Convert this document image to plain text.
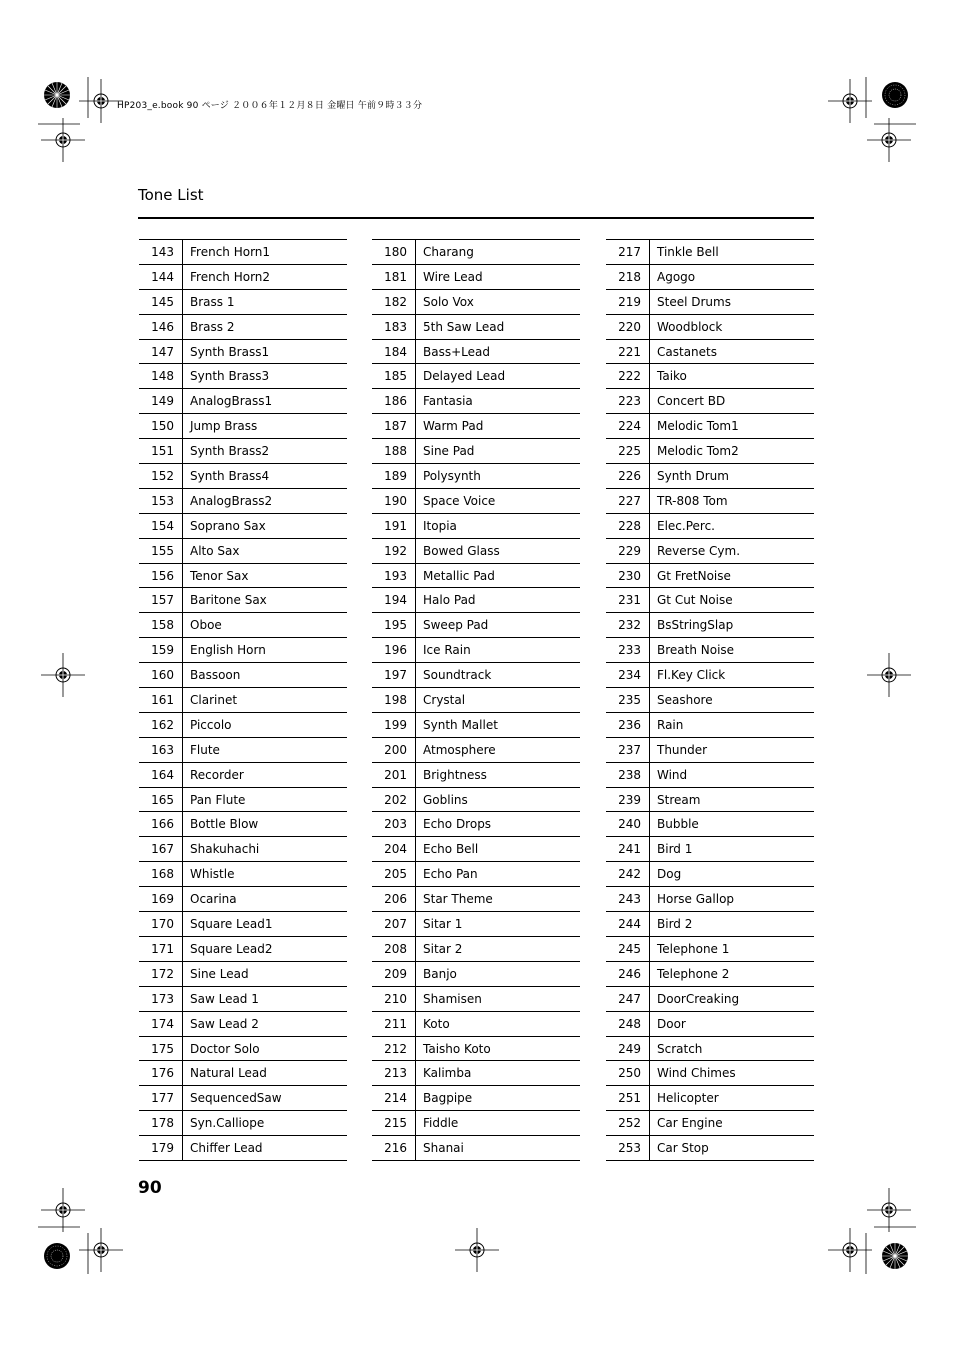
HP203_e.book 90 ページ ２００６年１２月８日 金曜日 午前９時３３分
Tone List
143	French Horn1
144	French Horn2
145	Brass 1
146	Brass 2
147	Synth Brass1
148	Synth Brass3
149	AnalogBrass1
150	Jump Brass
151	Synth Brass2
152	Synth Brass4
153	AnalogBrass2
154	Soprano Sax
155	Alto Sax
156	Tenor Sax
157	Baritone Sax
158	Oboe
159	English Horn
160	Bassoon
161	Clarinet
162	Piccolo
163	Flute
164	Recorder
165	Pan Flute
166	Bottle Blow
167	Shakuhachi
168	Whistle
169	Ocarina
170	Square Lead1
171	Square Lead2
172	Sine Lead
173	Saw Lead 1
174	Saw Lead 2
175	Doctor Solo
176	Natural Lead
177	SequencedSaw
178	Syn.Calliope
179	Chiffer Lead
180	Charang
181	Wire Lead
182	Solo Vox
183	5th Saw Lead
184	Bass+Lead
185	Delayed Lead
186	Fantasia
187	Warm Pad
188	Sine Pad
189	Polysynth
190	Space Voice
191	Itopia
192	Bowed Glass
193	Metallic Pad
194	Halo Pad
195	Sweep Pad
196	Ice Rain
197	Soundtrack
198	Crystal
199	Synth Mallet
200	Atmosphere
201	Brightness
202	Goblins
203	Echo Drops
204	Echo Bell
205	Echo Pan
206	Star Theme
207	Sitar 1
208	Sitar 2
209	Banjo
210	Shamisen
211	Koto
212	Taisho Koto
213	Kalimba
214	Bagpipe
215	Fiddle
216	Shanai
217	Tinkle Bell
218	Agogo
219	Steel Drums
220	Woodblock
221	Castanets
222	Taiko
223	Concert BD
224	Melodic Tom1
225	Melodic Tom2
226	Synth Drum
227	TR-808 Tom
228	Elec.Perc.
229	Reverse Cym.
230	Gt FretNoise
231	Gt Cut Noise
232	BsStringSlap
233	Breath Noise
234	Fl.Key Click
235	Seashore
236	Rain
237	Thunder
238	Wind
239	Stream
240	Bubble
241	Bird 1
242	Dog
243	Horse Gallop
244	Bird 2
245	Telephone 1
246	Telephone 2
247	DoorCreaking
248	Door
249	Scratch
250	Wind Chimes
251	Helicopter
252	Car Engine
253	Car Stop
90
